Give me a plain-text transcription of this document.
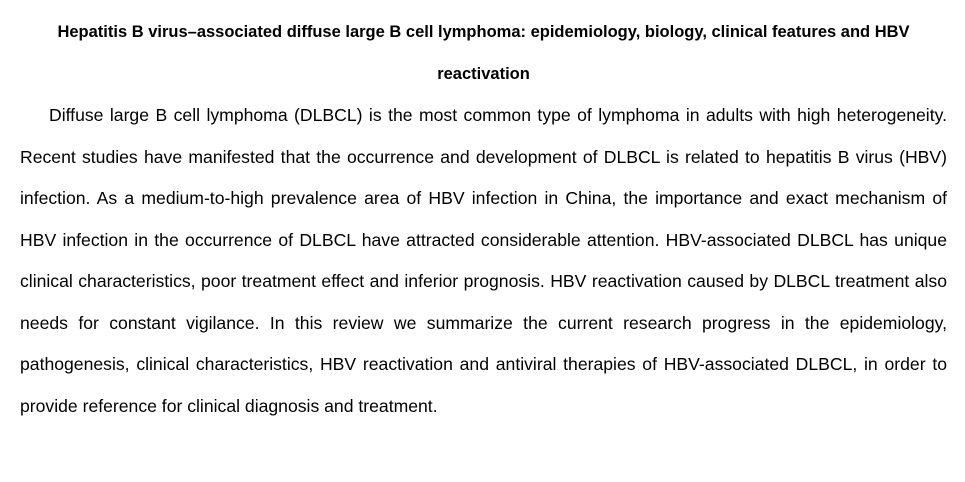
Hepatitis B virus–associated diffuse large B cell lymphoma: epidemiology, biology, clinical features and HBV reactivation

Diffuse large B cell lymphoma (DLBCL) is the most common type of lymphoma in adults with high heterogeneity. Recent studies have manifested that the occurrence and development of DLBCL is related to hepatitis B virus (HBV) infection. As a medium-to-high prevalence area of HBV infection in China, the importance and exact mechanism of HBV infection in the occurrence of DLBCL have attracted considerable attention. HBV-associated DLBCL has unique clinical characteristics, poor treatment effect and inferior prognosis. HBV reactivation caused by DLBCL treatment also needs for constant vigilance. In this review we summarize the current research progress in the epidemiology, pathogenesis, clinical characteristics, HBV reactivation and antiviral therapies of HBV-associated DLBCL, in order to provide reference for clinical diagnosis and treatment.
